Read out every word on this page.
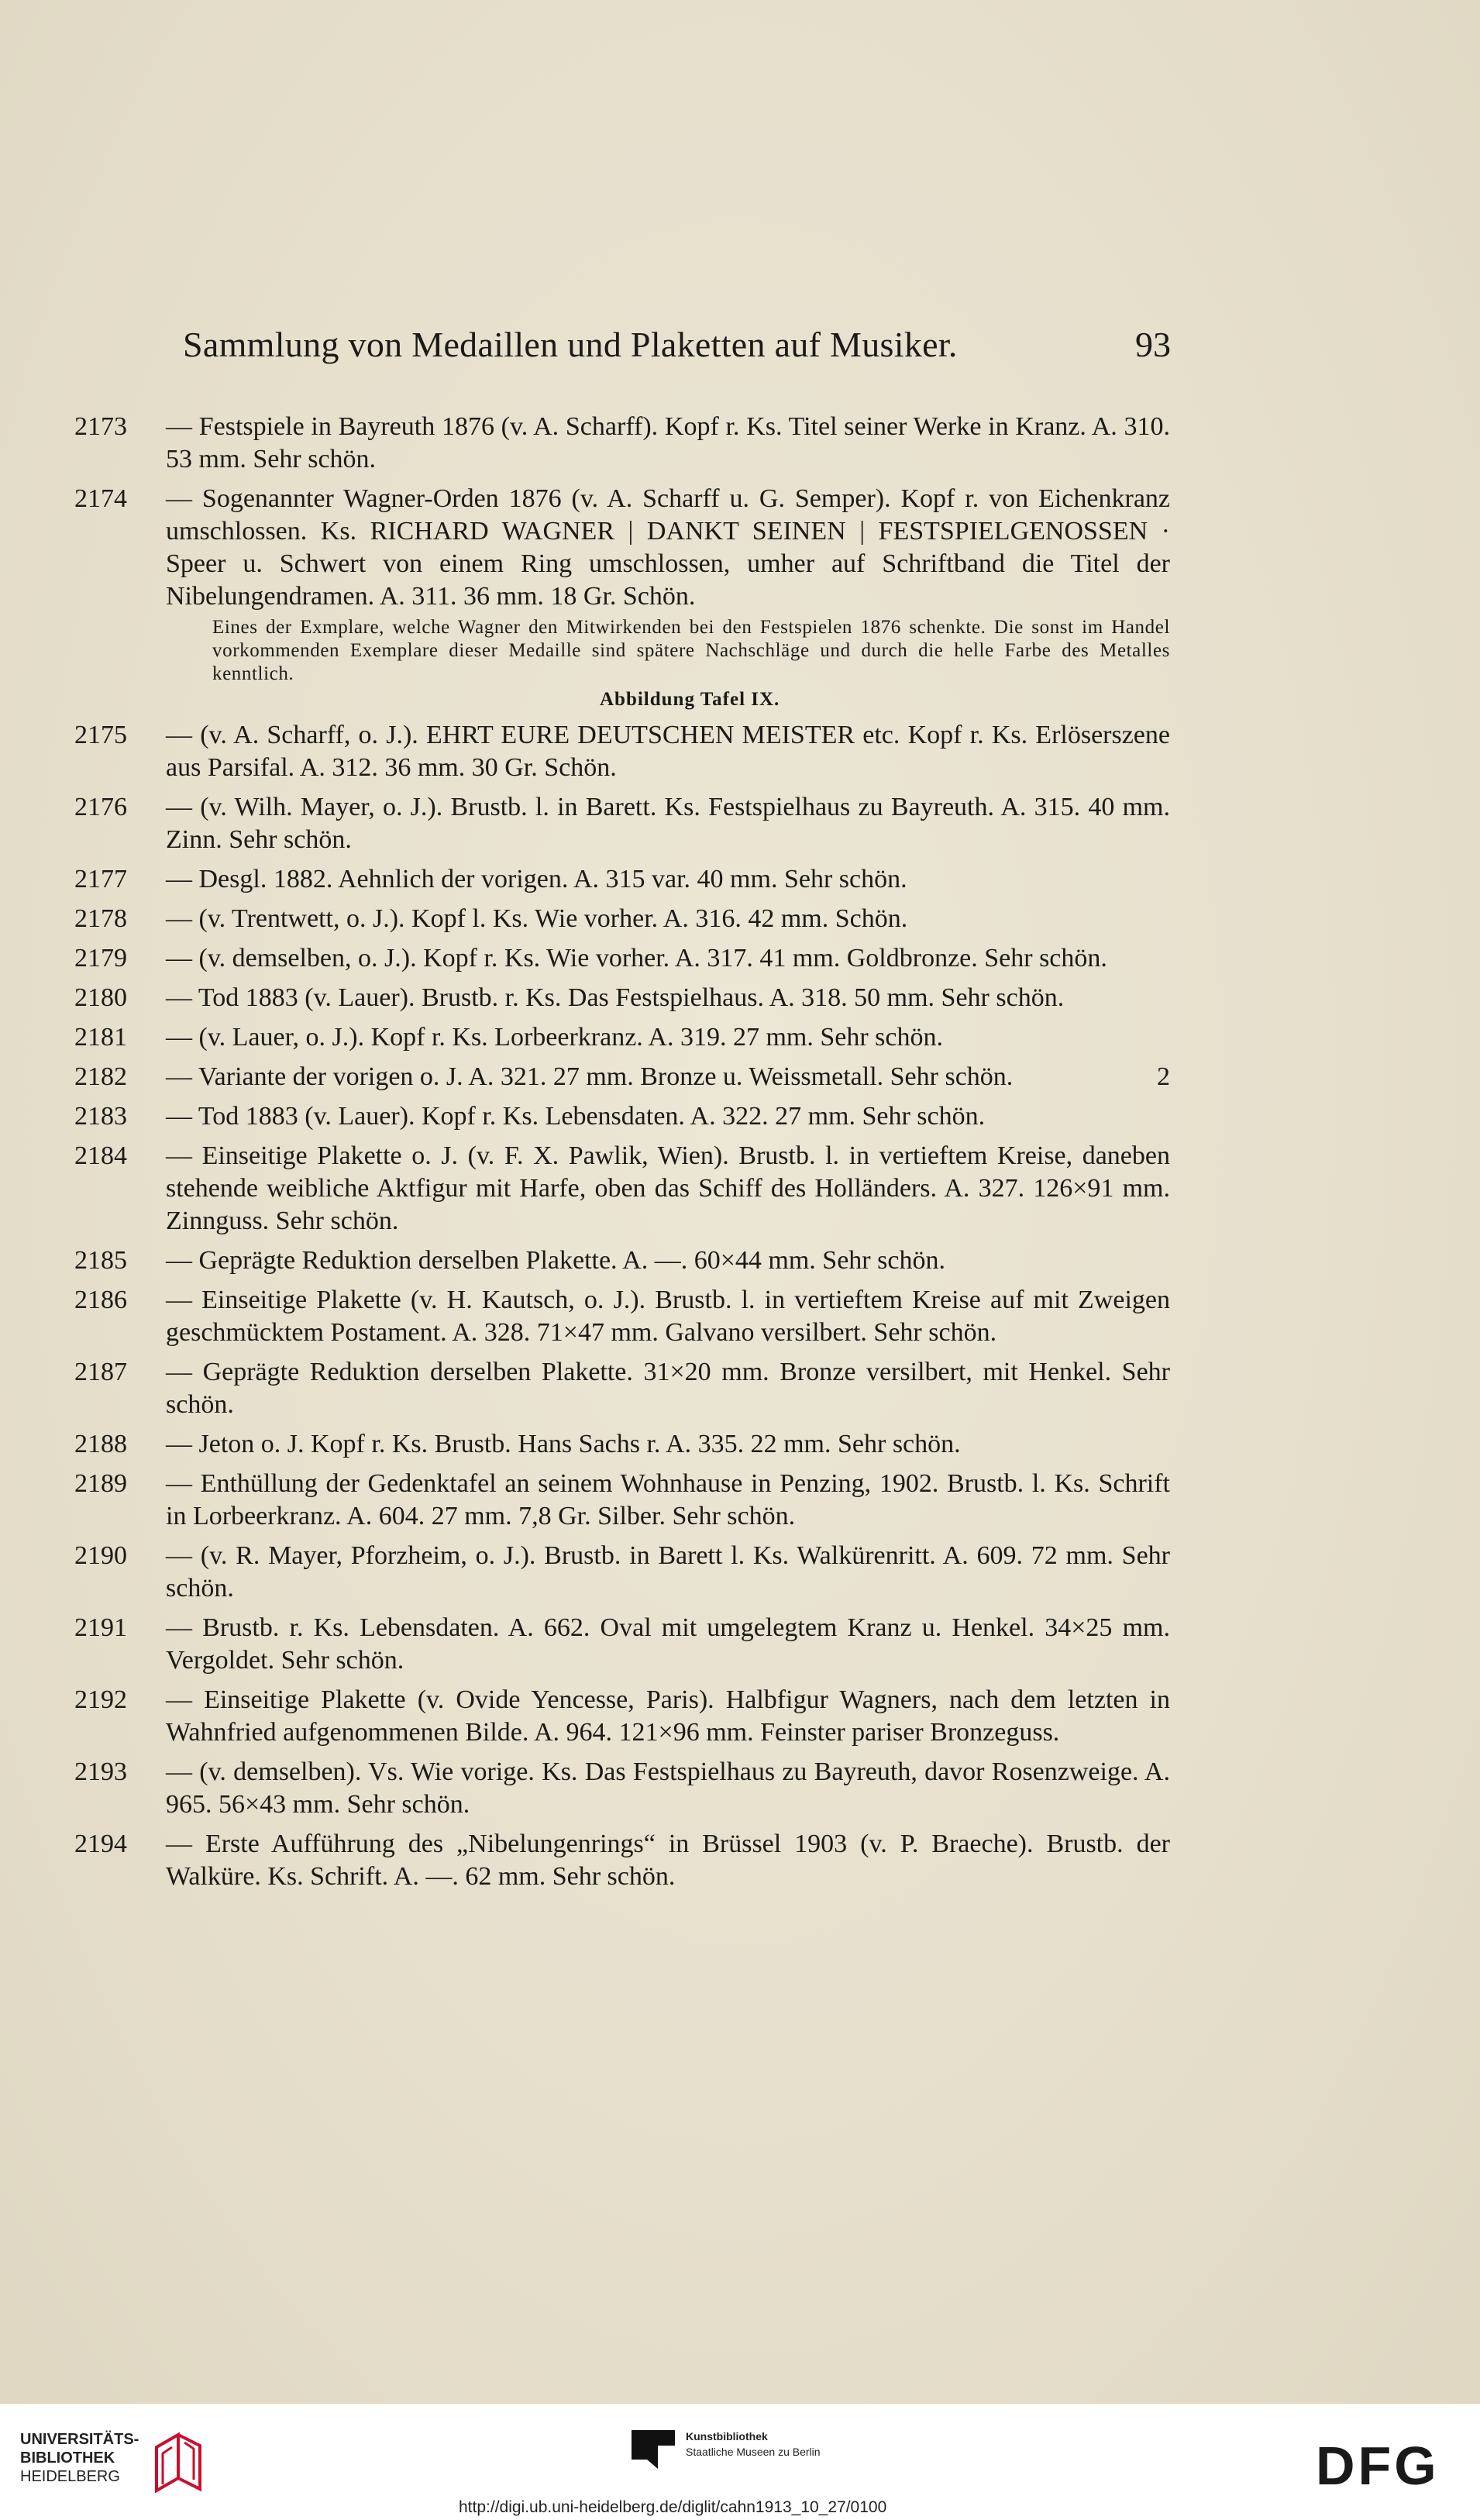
Sammlung von Medaillen und Plaketten auf Musiker.	93
2173 — Festspiele in Bayreuth 1876 (v. A. Scharff). Kopf r. Ks. Titel seiner Werke in Kranz. A. 310. 53 mm. Sehr schön.
2174 — Sogenannter Wagner-Orden 1876 (v. A. Scharff u. G. Semper). Kopf r. von Eichenkranz umschlossen. Ks. RICHARD WAGNER | DANKT SEINEN | FESTSPIELGENOSSEN · Speer u. Schwert von einem Ring umschlossen, umher auf Schriftband die Titel der Nibelungendramen. A. 311. 36 mm. 18 Gr. Schön.
Eines der Exmplare, welche Wagner den Mitwirkenden bei den Festspielen 1876 schenkte. Die sonst im Handel vorkommenden Exemplare dieser Medaille sind spätere Nachschläge und durch die helle Farbe des Metalles kenntlich.
Abbildung Tafel IX.
2175 — (v. A. Scharff, o. J.). EHRT EURE DEUTSCHEN MEISTER etc. Kopf r. Ks. Erlöserszene aus Parsifal. A. 312. 36 mm. 30 Gr. Schön.
2176 — (v. Wilh. Mayer, o. J.). Brustb. l. in Barett. Ks. Festspielhaus zu Bayreuth. A. 315. 40 mm. Zinn. Sehr schön.
2177 — Desgl. 1882. Aehnlich der vorigen. A. 315 var. 40 mm. Sehr schön.
2178 — (v. Trentwett, o. J.). Kopf l. Ks. Wie vorher. A. 316. 42 mm. Schön.
2179 — (v. demselben, o. J.). Kopf r. Ks. Wie vorher. A. 317. 41 mm. Goldbronze. Sehr schön.
2180 — Tod 1883 (v. Lauer). Brustb. r. Ks. Das Festspielhaus. A. 318. 50 mm. Sehr schön.
2181 — (v. Lauer, o. J.). Kopf r. Ks. Lorbeerkranz. A. 319. 27 mm. Sehr schön.
2182 — Variante der vorigen o. J. A. 321. 27 mm. Bronze u. Weissmetall. Sehr schön.	2
2183 — Tod 1883 (v. Lauer). Kopf r. Ks. Lebensdaten. A. 322. 27 mm. Sehr schön.
2184 — Einseitige Plakette o. J. (v. F. X. Pawlik, Wien). Brustb. l. in vertieftem Kreise, daneben stehende weibliche Aktfigur mit Harfe, oben das Schiff des Holländers. A. 327. 126×91 mm. Zinnguss. Sehr schön.
2185 — Geprägte Reduktion derselben Plakette. A. —. 60×44 mm. Sehr schön.
2186 — Einseitige Plakette (v. H. Kautsch, o. J.). Brustb. l. in vertieftem Kreise auf mit Zweigen geschmücktem Postament. A. 328. 71×47 mm. Galvano versilbert. Sehr schön.
2187 — Geprägte Reduktion derselben Plakette. 31×20 mm. Bronze versilbert, mit Henkel. Sehr schön.
2188 — Jeton o. J. Kopf r. Ks. Brustb. Hans Sachs r. A. 335. 22 mm. Sehr schön.
2189 — Enthüllung der Gedenktafel an seinem Wohnhause in Penzing, 1902. Brustb. l. Ks. Schrift in Lorbeerkranz. A. 604. 27 mm. 7,8 Gr. Silber. Sehr schön.
2190 — (v. R. Mayer, Pforzheim, o. J.). Brustb. in Barett l. Ks. Walkürenritt. A. 609. 72 mm. Sehr schön.
2191 — Brustb. r. Ks. Lebensdaten. A. 662. Oval mit umgelegtem Kranz u. Henkel. 34×25 mm. Vergoldet. Sehr schön.
2192 — Einseitige Plakette (v. Ovide Yencesse, Paris). Halbfigur Wagners, nach dem letzten in Wahnfried aufgenommenen Bilde. A. 964. 121×96 mm. Feinster pariser Bronzeguss.
2193 — (v. demselben). Vs. Wie vorige. Ks. Das Festspielhaus zu Bayreuth, davor Rosenzweige. A. 965. 56×43 mm. Sehr schön.
2194 — Erste Aufführung des „Nibelungenrings“ in Brüssel 1903 (v. P. Braeche). Brustb. der Walküre. Ks. Schrift. A. —. 62 mm. Sehr schön.
UNIVERSITÄTS-
BIBLIOTHEK
HEIDELBERG
Kunstbibliothek
Staatliche Museen zu Berlin	DFG
http://digi.ub.uni-heidelberg.de/diglit/cahn1913_10_27/0100
